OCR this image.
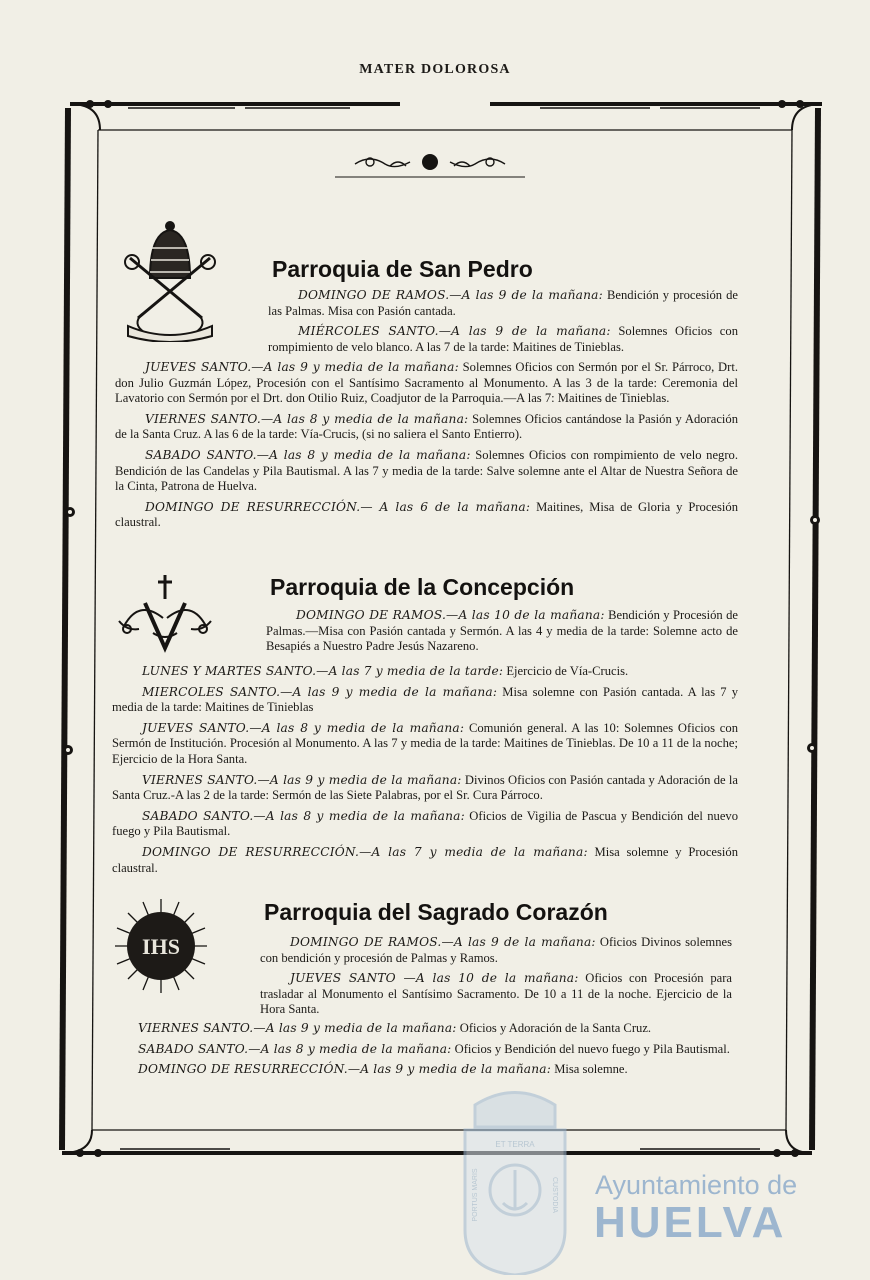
MATER DOLOROSA
IHS
Parroquia de San Pedro

DOMINGO DE RAMOS.—A las 9 de la mañana: Bendición y procesión de las Palmas. Misa con Pasión cantada.

MIÉRCOLES SANTO.—A las 9 de la mañana: Solemnes Oficios con rompimiento de velo blanco. A las 7 de la tarde: Maitines de Tinieblas.

JUEVES SANTO.—A las 9 y media de la mañana: Solemnes Oficios con Sermón por el Sr. Párroco, Drt. don Julio Guzmán López, Procesión con el Santísimo Sacramento al Monumento. A las 3 de la tarde: Ceremonia del Lavatorio con Sermón por el Drt. don Otilio Ruiz, Coadjutor de la Parroquia.—A las 7: Maitines de Tinieblas.

VIERNES SANTO.—A las 8 y media de la mañana: Solemnes Oficios cantándose la Pasión y Adoración de la Santa Cruz. A las 6 de la tarde: Vía-Crucis, (si no saliera el Santo Entierro).

SABADO SANTO.—A las 8 y media de la mañana: Solemnes Oficios con rompimiento de velo negro. Bendición de las Candelas y Pila Bautismal. A las 7 y media de la tarde: Salve solemne ante el Altar de Nuestra Señora de la Cinta, Patrona de Huelva.

DOMINGO DE RESURRECCIÓN.— A las 6 de la mañana: Maitines, Misa de Gloria y Procesión claustral.

Parroquia de la Concepción

DOMINGO DE RAMOS.—A las 10 de la mañana: Bendición y Procesión de Palmas.—Misa con Pasión cantada y Sermón. A las 4 y media de la tarde: Solemne acto de Besapiés a Nuestro Padre Jesús Nazareno.

LUNES Y MARTES SANTO.—A las 7 y media de la tarde: Ejercicio de Vía-Crucis.

MIERCOLES SANTO.—A las 9 y media de la mañana: Misa solemne con Pasión cantada. A las 7 y media de la tarde: Maitines de Tinieblas

JUEVES SANTO.—A las 8 y media de la mañana: Comunión general. A las 10: Solemnes Oficios con Sermón de Institución. Procesión al Monumento. A las 7 y media de la tarde: Maitines de Tinieblas. De 10 a 11 de la noche; Ejercicio de la Hora Santa.

VIERNES SANTO.—A las 9 y media de la mañana: Divinos Oficios con Pasión cantada y Adoración de la Santa Cruz.-A las 2 de la tarde: Sermón de las Siete Palabras, por el Sr. Cura Párroco.

SABADO SANTO.—A las 8 y media de la mañana: Oficios de Vigilia de Pascua y Bendición del nuevo fuego y Pila Bautismal.

DOMINGO DE RESURRECCIÓN.—A las 7 y media de la mañana: Misa solemne y Procesión claustral.

Parroquia del Sagrado Corazón

DOMINGO DE RAMOS.—A las 9 de la mañana: Oficios Divinos solemnes con bendición y procesión de Palmas y Ramos.

JUEVES SANTO —A las 10 de la mañana: Oficios con Procesión para trasladar al Monumento el Santísimo Sacramento. De 10 a 11 de la noche. Ejercicio de la Hora Santa.

VIERNES SANTO.—A las 9 y media de la mañana: Oficios y Adoración de la Santa Cruz.

SABADO SANTO.—A las 8 y media de la mañana: Oficios y Bendición del nuevo fuego y Pila Bautismal.

DOMINGO DE RESURRECCIÓN.—A las 9 y media de la mañana: Misa solemne.

ET TERRA
PORTUS MARIS	CUSTODIA Ayuntamiento de
HUELVA
